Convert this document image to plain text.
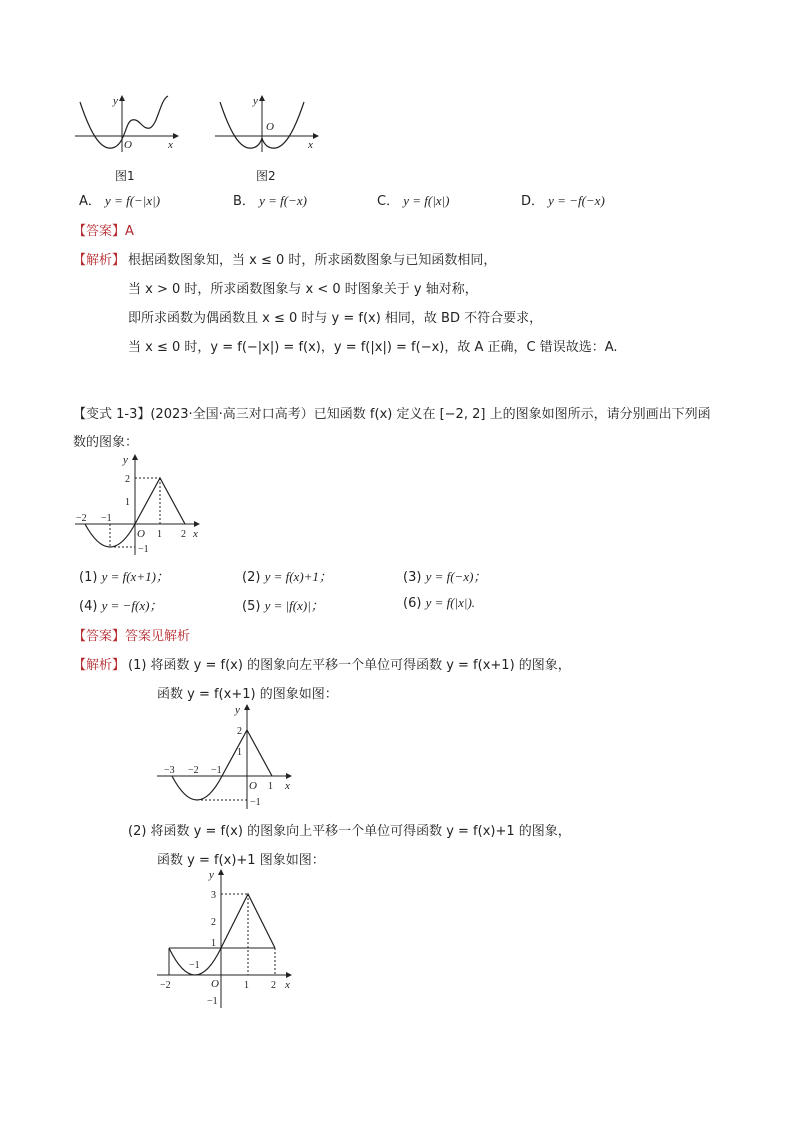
y
x
O
图1
y
x
O
图2
A． y = f(−|x|)	B． y = f(−x)	C． y = f(|x|)	D． y = −f(−x)
【答案】A
【解析】 根据函数图象知，当 x ≤ 0 时，所求函数图象与已知函数相同，
当 x > 0 时，所求函数图象与 x < 0 时图象关于 y 轴对称，
即所求函数为偶函数且 x ≤ 0 时与 y = f(x) 相同，故 BD 不符合要求，
当 x ≤ 0 时，y = f(−|x|) = f(x)，y = f(|x|) = f(−x)，故 A 正确，C 错误故选：A.
【变式 1-3】(2023·全国·高三对口高考）已知函数 f(x) 定义在 [−2, 2] 上的图象如图所示，请分别画出下列函
数的图象：
y
x
O
−2 −1
1 2
2
1
−1
(1) y = f(x+1)；	(2) y = f(x)+1；	(3) y = f(−x)；
(4) y = −f(x)；	(5) y = |f(x)|；	(6) y = f(|x|).
【答案】答案见解析
【解析】 (1) 将函数 y = f(x) 的图象向左平移一个单位可得函数 y = f(x+1) 的图象，
函数 y = f(x+1) 的图象如图：
y
x
O
−3 −2 −1
1
2
1
−1
(2) 将函数 y = f(x) 的图象向上平移一个单位可得函数 y = f(x)+1 的图象，
函数 y = f(x)+1 图象如图：
y
x
O
−2	1 2
3
2
1
−1
−1
